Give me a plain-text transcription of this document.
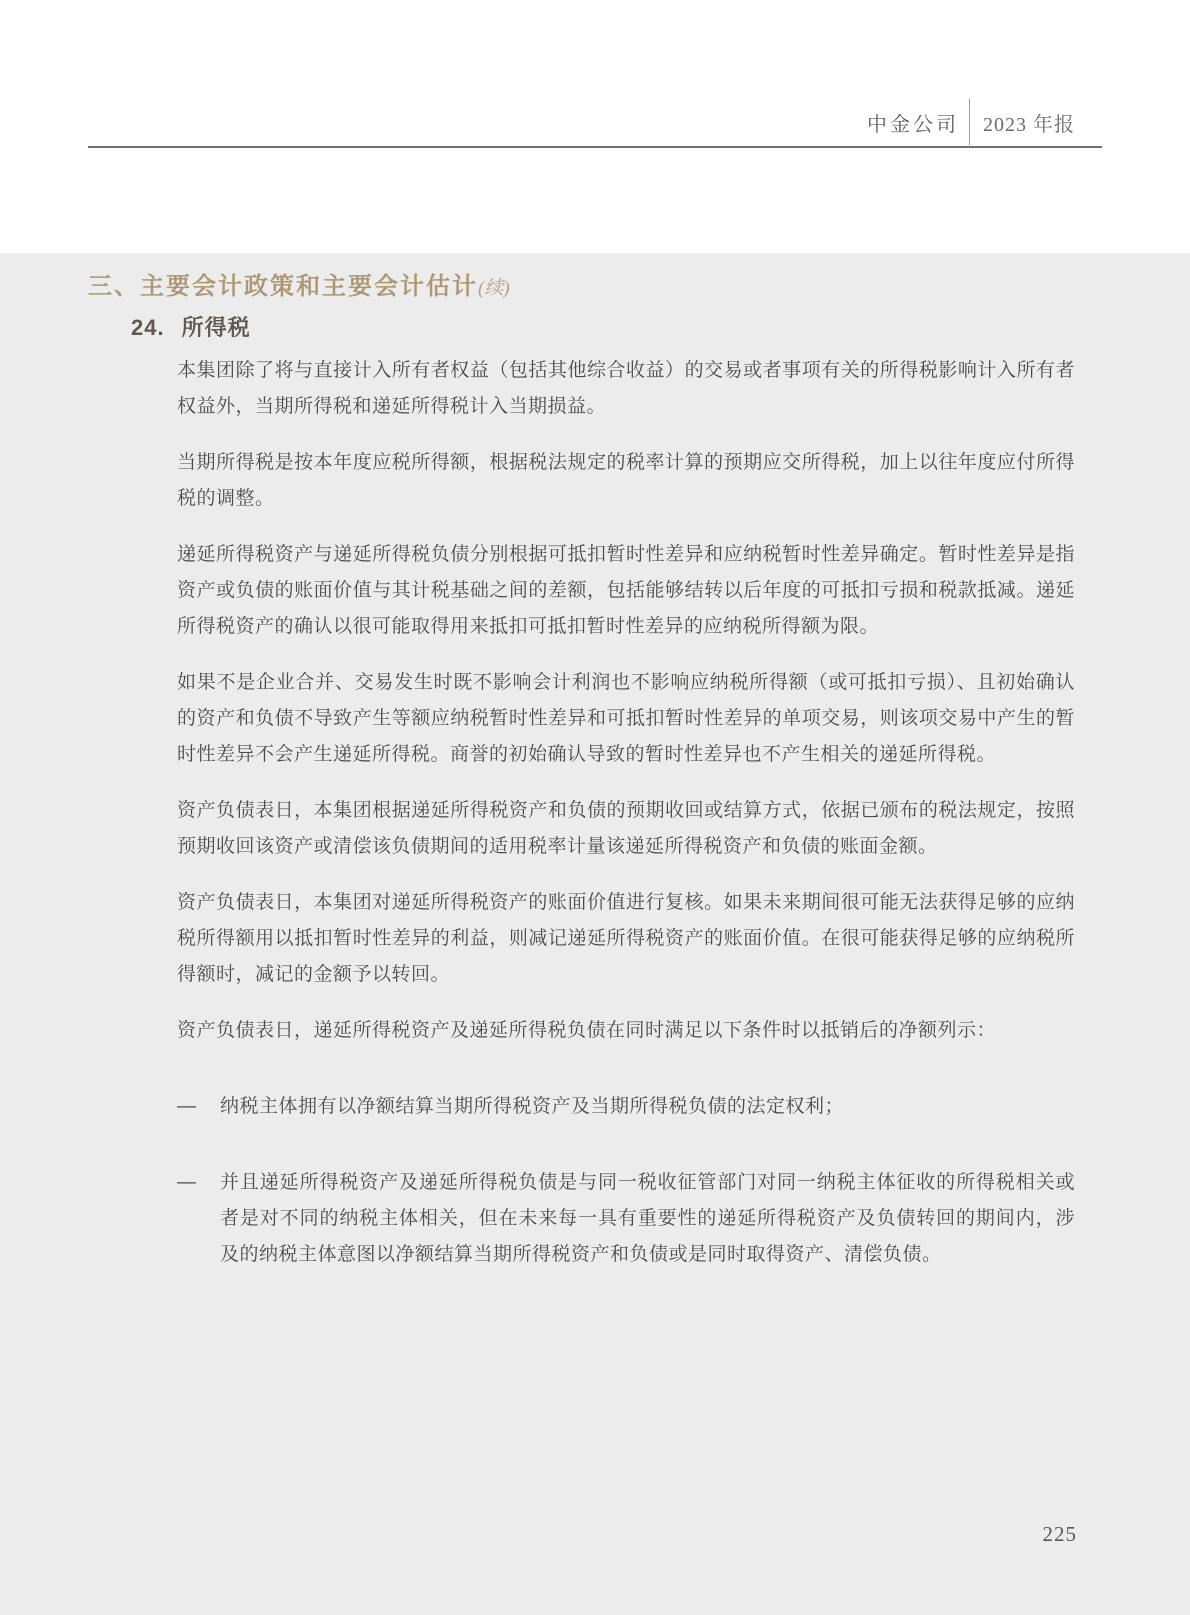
中金公司 2023 年报
三、主要会计政策和主要会计估计(续)
24. 所得税

本集团除了将与直接计入所有者权益（包括其他综合收益）的交易或者事项有关的所得税影响计入所有者权益外，当期所得税和递延所得税计入当期损益。

当期所得税是按本年度应税所得额，根据税法规定的税率计算的预期应交所得税，加上以往年度应付所得税的调整。

递延所得税资产与递延所得税负债分别根据可抵扣暂时性差异和应纳税暂时性差异确定。暂时性差异是指资产或负债的账面价值与其计税基础之间的差额，包括能够结转以后年度的可抵扣亏损和税款抵减。递延所得税资产的确认以很可能取得用来抵扣可抵扣暂时性差异的应纳税所得额为限。

如果不是企业合并、交易发生时既不影响会计利润也不影响应纳税所得额（或可抵扣亏损）、且初始确认的资产和负债不导致产生等额应纳税暂时性差异和可抵扣暂时性差异的单项交易，则该项交易中产生的暂时性差异不会产生递延所得税。商誉的初始确认导致的暂时性差异也不产生相关的递延所得税。

资产负债表日，本集团根据递延所得税资产和负债的预期收回或结算方式，依据已颁布的税法规定，按照预期收回该资产或清偿该负债期间的适用税率计量该递延所得税资产和负债的账面金额。

资产负债表日，本集团对递延所得税资产的账面价值进行复核。如果未来期间很可能无法获得足够的应纳税所得额用以抵扣暂时性差异的利益，则减记递延所得税资产的账面价值。在很可能获得足够的应纳税所得额时，减记的金额予以转回。

资产负债表日，递延所得税资产及递延所得税负债在同时满足以下条件时以抵销后的净额列示：

—	纳税主体拥有以净额结算当期所得税资产及当期所得税负债的法定权利；
—	并且递延所得税资产及递延所得税负债是与同一税收征管部门对同一纳税主体征收的所得税相关或者是对不同的纳税主体相关，但在未来每一具有重要性的递延所得税资产及负债转回的期间内，涉及的纳税主体意图以净额结算当期所得税资产和负债或是同时取得资产、清偿负债。
225
